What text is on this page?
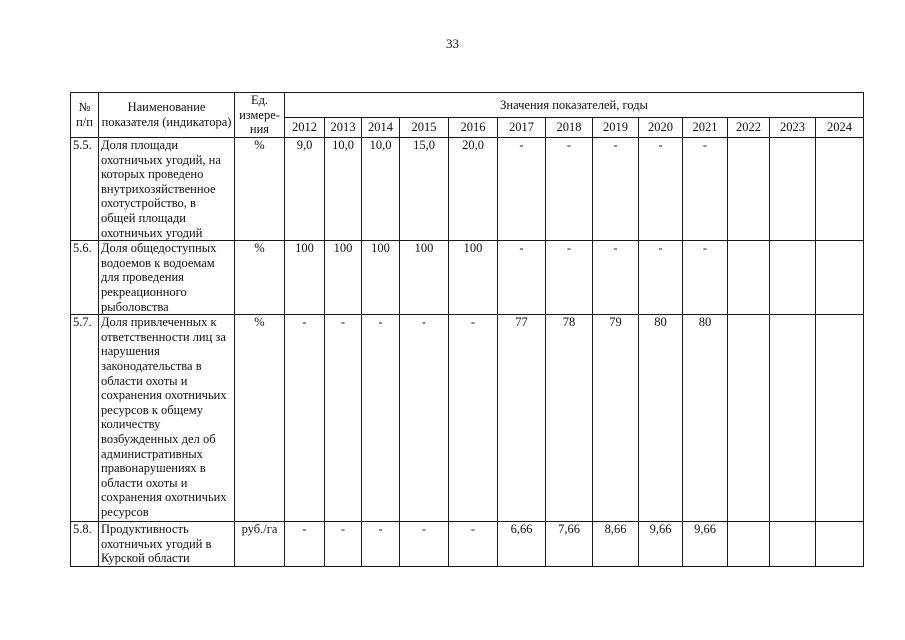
33
№ п/п	Наименование показателя (индикатора)	Ед. измере-ния	Значения показателей, годы												
			2012	2013	2014	2015	2016	2017	2018	2019	2020	2021	2022	2023	2024
5.5.	Доля площади охотничьих угодий, на которых проведено внутрихозяйственное охотустройство, в общей площади охотничьих угодий	%	9,0	10,0	10,0	15,0	20,0	-	-	-	-	-			
5.6.	Доля общедоступных водоемов к водоемам для проведения рекреационного рыболовства	%	100	100	100	100	100	-	-	-	-	-			
5.7.	Доля привлеченных к ответственности лиц за нарушения законодательства в области охоты и сохранения охотничьих ресурсов к общему количеству возбужденных дел об административных правонарушениях в области охоты и сохранения охотничьих ресурсов	%	-	-	-	-	-	77	78	79	80	80			
5.8.	Продуктивность охотничьих угодий в Курской области	руб./га	-	-	-	-	-	6,66	7,66	8,66	9,66	9,66			
